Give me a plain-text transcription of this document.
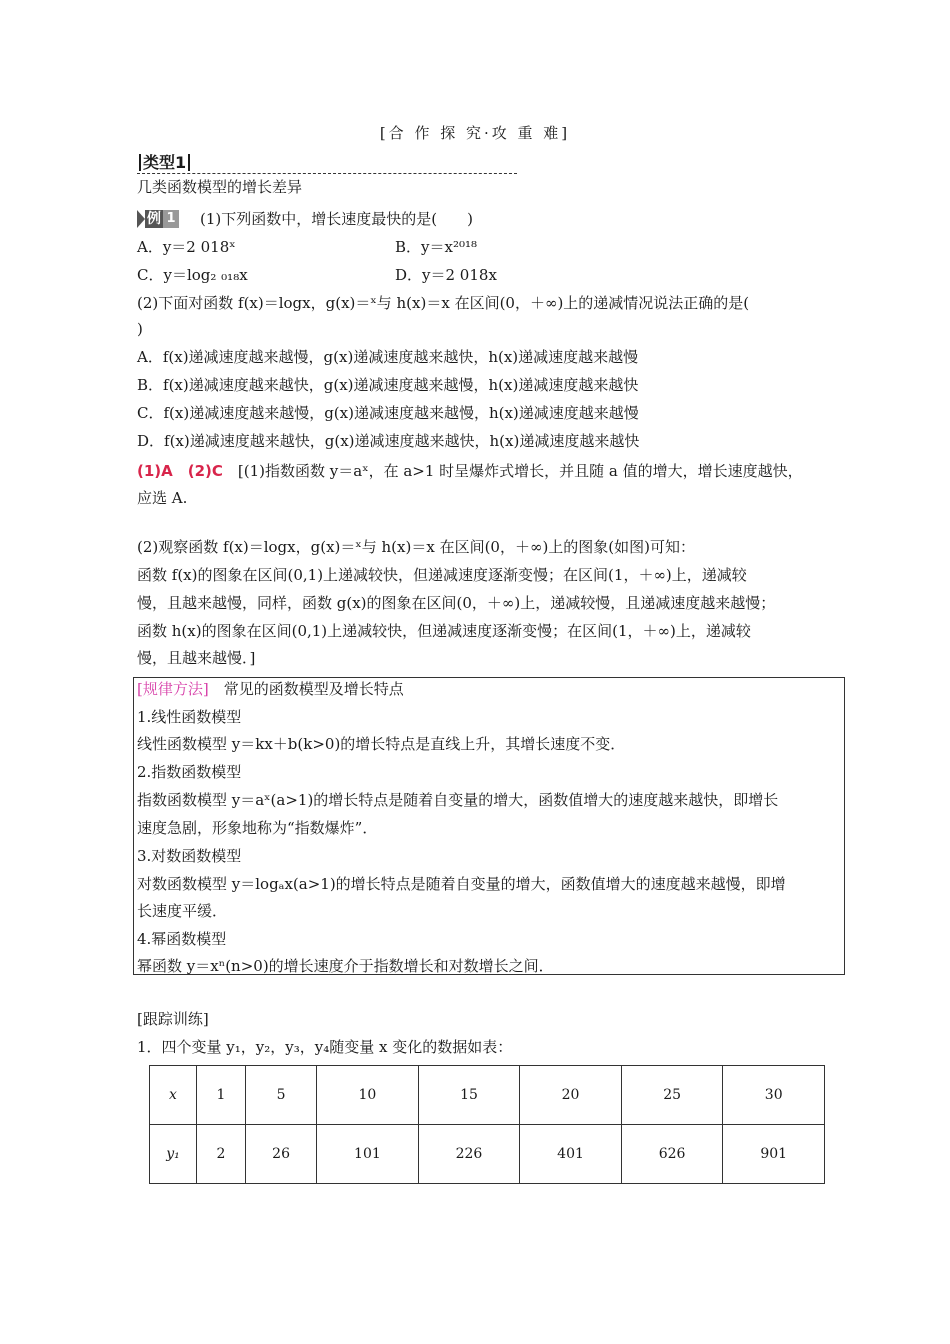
[合 作 探 究·攻 重 难]
类型1
几类函数模型的增长差异
例 1 (1)下列函数中，增长速度最快的是(　　)
A．y＝2 018ˣ	B．y＝x²⁰¹⁸
C．y＝log₂ ₀₁₈x	D．y＝2 018x
(2)下面对函数 f(x)＝logx，g(x)＝ˣ与 h(x)＝x 在区间(0，＋∞)上的递减情况说法正确的是(
)
A．f(x)递减速度越来越慢，g(x)递减速度越来越快，h(x)递减速度越来越慢
B．f(x)递减速度越来越快，g(x)递减速度越来越慢，h(x)递减速度越来越快
C．f(x)递减速度越来越慢，g(x)递减速度越来越慢，h(x)递减速度越来越慢
D．f(x)递减速度越来越快，g(x)递减速度越来越快，h(x)递减速度越来越快
(1)A　(2)C　[(1)指数函数 y＝aˣ，在 a>1 时呈爆炸式增长，并且随 a 值的增大，增长速度越快，
应选 A.
(2)观察函数 f(x)＝logx，g(x)＝ˣ与 h(x)＝x 在区间(0，＋∞)上的图象(如图)可知：
函数 f(x)的图象在区间(0,1)上递减较快，但递减速度逐渐变慢；在区间(1，＋∞)上，递减较
慢，且越来越慢，同样，函数 g(x)的图象在区间(0，＋∞)上，递减较慢，且递减速度越来越慢；
函数 h(x)的图象在区间(0,1)上递减较快，但递减速度逐渐变慢；在区间(1，＋∞)上，递减较
慢，且越来越慢．]
[规律方法]　常见的函数模型及增长特点
1.线性函数模型
线性函数模型 y＝kx＋b(k>0)的增长特点是直线上升，其增长速度不变．
2.指数函数模型
指数函数模型 y＝aˣ(a>1)的增长特点是随着自变量的增大，函数值增大的速度越来越快，即增长
速度急剧，形象地称为“指数爆炸”．
3.对数函数模型
对数函数模型 y＝logₐx(a>1)的增长特点是随着自变量的增大，函数值增大的速度越来越慢，即增
长速度平缓．
4.幂函数模型
幂函数 y＝xⁿ(n>0)的增长速度介于指数增长和对数增长之间．
[跟踪训练]
1．四个变量 y₁，y₂，y₃，y₄随变量 x 变化的数据如表：
x	1	5	10	15	20	25	30
y₁	2	26	101	226	401	626	901
